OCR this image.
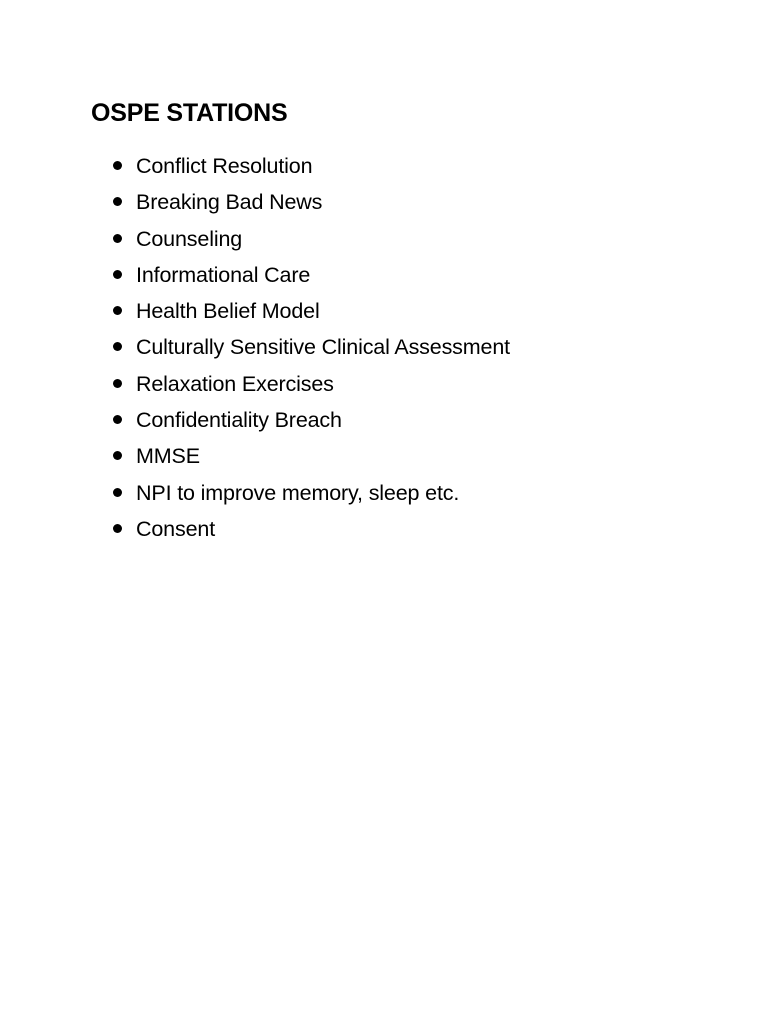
OSPE STATIONS
Conflict Resolution
Breaking Bad News
Counseling
Informational Care
Health Belief Model
Culturally Sensitive Clinical Assessment
Relaxation Exercises
Confidentiality Breach
MMSE
NPI to improve memory, sleep etc.
Consent
